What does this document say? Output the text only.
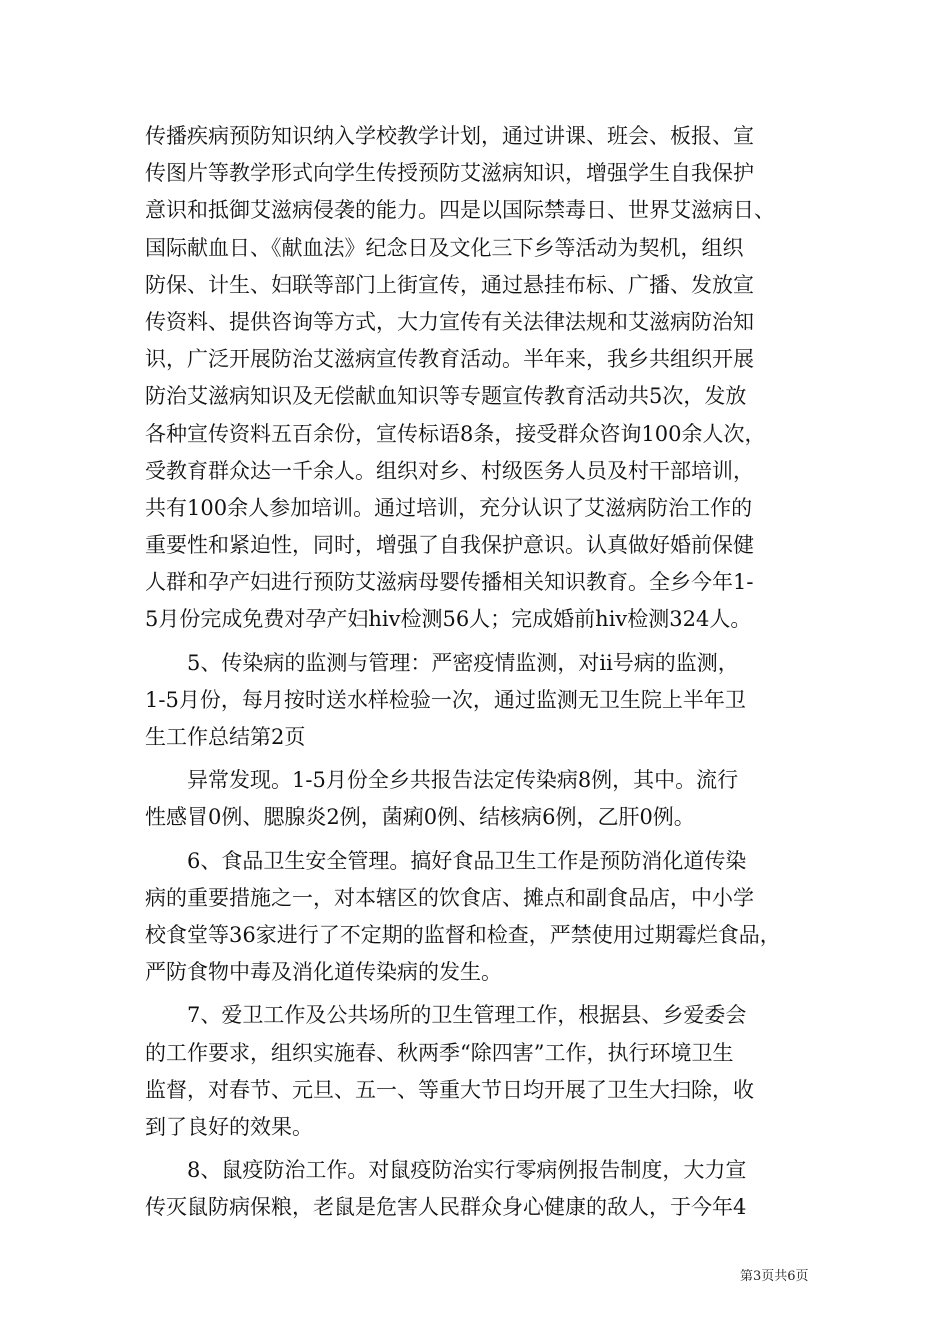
传播疾病预防知识纳入学校教学计划，通过讲课、班会、板报、宣
传图片等教学形式向学生传授预防艾滋病知识，增强学生自我保护
意识和抵御艾滋病侵袭的能力。四是以国际禁毒日、世界艾滋病日、
国际献血日、《献血法》纪念日及文化三下乡等活动为契机，组织
防保、计生、妇联等部门上街宣传，通过悬挂布标、广播、发放宣
传资料、提供咨询等方式，大力宣传有关法律法规和艾滋病防治知
识，广泛开展防治艾滋病宣传教育活动。半年来，我乡共组织开展
防治艾滋病知识及无偿献血知识等专题宣传教育活动共5次，发放
各种宣传资料五百余份，宣传标语8条，接受群众咨询100余人次，
受教育群众达一千余人。组织对乡、村级医务人员及村干部培训，
共有100余人参加培训。通过培训，充分认识了艾滋病防治工作的
重要性和紧迫性，同时，增强了自我保护意识。认真做好婚前保健
人群和孕产妇进行预防艾滋病母婴传播相关知识教育。全乡今年1-
5月份完成免费对孕产妇hiv检测56人；完成婚前hiv检测324人。
5、传染病的监测与管理：严密疫情监测，对ii号病的监测，
1-5月份，每月按时送水样检验一次，通过监测无卫生院上半年卫
生工作总结第2页
异常发现。1-5月份全乡共报告法定传染病8例，其中。流行
性感冒0例、腮腺炎2例，菌痢0例、结核病6例，乙肝0例。
6、食品卫生安全管理。搞好食品卫生工作是预防消化道传染
病的重要措施之一，对本辖区的饮食店、摊点和副食品店，中小学
校食堂等36家进行了不定期的监督和检查，严禁使用过期霉烂食品，
严防食物中毒及消化道传染病的发生。
7、爱卫工作及公共场所的卫生管理工作，根据县、乡爱委会
的工作要求，组织实施春、秋两季“除四害”工作，执行环境卫生
监督，对春节、元旦、五一、等重大节日均开展了卫生大扫除，收
到了良好的效果。
8、鼠疫防治工作。对鼠疫防治实行零病例报告制度，大力宣
传灭鼠防病保粮，老鼠是危害人民群众身心健康的敌人，于今年4
第3页共6页
